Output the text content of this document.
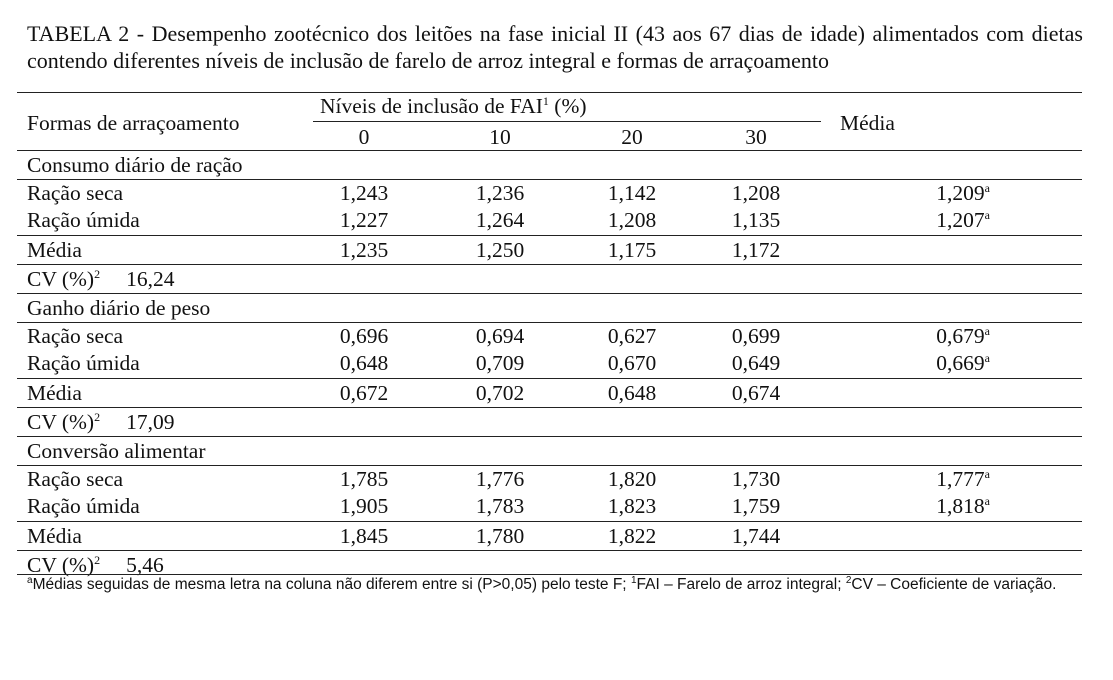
TABELA 2 - Desempenho zootécnico dos leitões na fase inicial II (43 aos 67 dias de idade) alimentados com dietas contendo diferentes níveis de inclusão de farelo de arroz integral e formas de arraçoamento
Formas de arraçoamento
Níveis de inclusão de FAI$^1$ (%)
Média
0	10	20	30
Consumo diário de ração
Ração seca	1,243	1,236	1,142	1,208	1,209$^a$
Ração úmida	1,227	1,264	1,208	1,135	1,207$^a$
Média	1,235	1,250	1,175	1,172
CV (%)$^2$ 16,24
Ganho diário de peso
Ração seca	0,696	0,694	0,627	0,699	0,679$^a$
Ração úmida	0,648	0,709	0,670	0,649	0,669$^a$
Média	0,672	0,702	0,648	0,674
CV (%)$^2$ 17,09
Conversão alimentar
Ração seca	1,785	1,776	1,820	1,730	1,777$^a$
Ração úmida	1,905	1,783	1,823	1,759	1,818$^a$
Média	1,845	1,780	1,822	1,744
CV (%)$^2$ 5,46
$^a$Médias seguidas de mesma letra na coluna não diferem entre si (P>0,05) pelo teste F; $^1$FAI – Farelo de arroz integral; $^2$CV – Coeficiente de variação.
